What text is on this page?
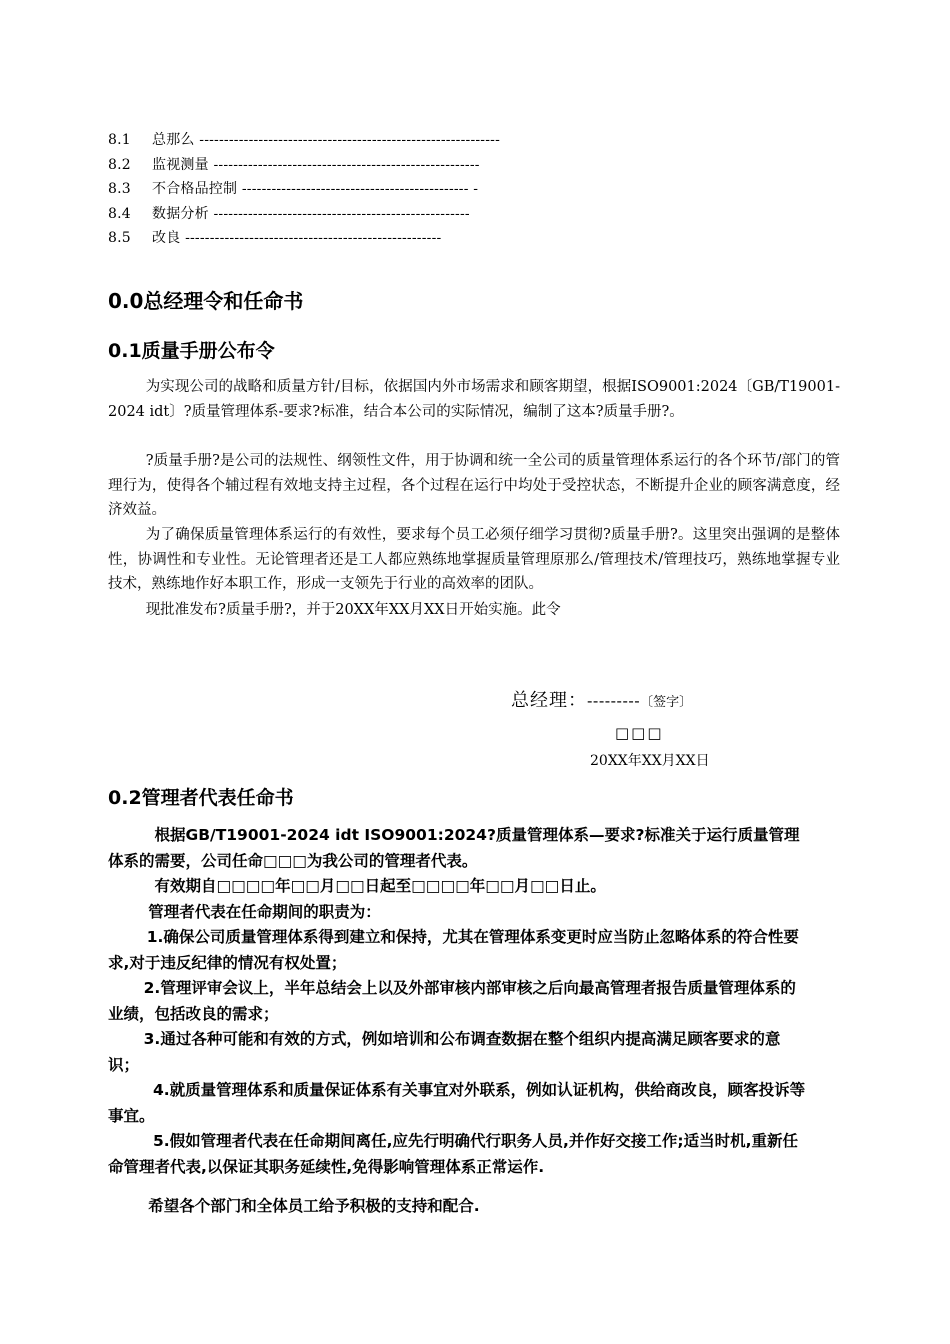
8.1 总那么 -------------------------------------------------------------
8.2 监视测量 ------------------------------------------------------
8.3 不合格品控制 ---------------------------------------------- -
8.4 数据分析 ----------------------------------------------------
8.5 改良 ----------------------------------------------------
0.0总经理令和任命书
0.1质量手册公布令
为实现公司的战略和质量方针/目标，依据国内外市场需求和顾客期望，根据ISO9001:2024〔GB/T19001-2024 idt〕?质量管理体系-要求?标准，结合本公司的实际情况，编制了这本?质量手册?。
?质量手册?是公司的法规性、纲领性文件，用于协调和统一全公司的质量管理体系运行的各个环节/部门的管理行为，使得各个辅过程有效地支持主过程，各个过程在运行中均处于受控状态，不断提升企业的顾客满意度，经济效益。
为了确保质量管理体系运行的有效性，要求每个员工必须仔细学习贯彻?质量手册?。这里突出强调的是整体性，协调性和专业性。无论管理者还是工人都应熟练地掌握质量管理原那么/管理技术/管理技巧，熟练地掌握专业技术，熟练地作好本职工作，形成一支领先于行业的高效率的团队。
现批准发布?质量手册?，并于20XX年XX月XX日开始实施。此令
总经理：---------〔签字〕
□□□
20XX年XX月XX日
0.2管理者代表任命书

根据GB/T19001-2024 idt ISO9001:2024?质量管理体系—要求?标准关于运行质量管理体系的需要，公司任命□□□为我公司的管理者代表。

有效期自□□□□年□□月□□日起至□□□□年□□月□□日止。

管理者代表在任命期间的职责为：

1.确保公司质量管理体系得到建立和保持，尤其在管理体系变更时应当防止忽略体系的符合性要求,对于违反纪律的情况有权处置；

2.管理评审会议上，半年总结会上以及外部审核内部审核之后向最高管理者报告质量管理体系的业绩，包括改良的需求；

3.通过各种可能和有效的方式，例如培训和公布调查数据在整个组织内提高满足顾客要求的意识；

4.就质量管理体系和质量保证体系有关事宜对外联系，例如认证机构，供给商改良，顾客投诉等事宜。

5.假如管理者代表在任命期间离任,应先行明确代行职务人员,并作好交接工作;适当时机,重新任命管理者代表,以保证其职务延续性,免得影响管理体系正常运作.

希望各个部门和全体员工给予积极的支持和配合.
